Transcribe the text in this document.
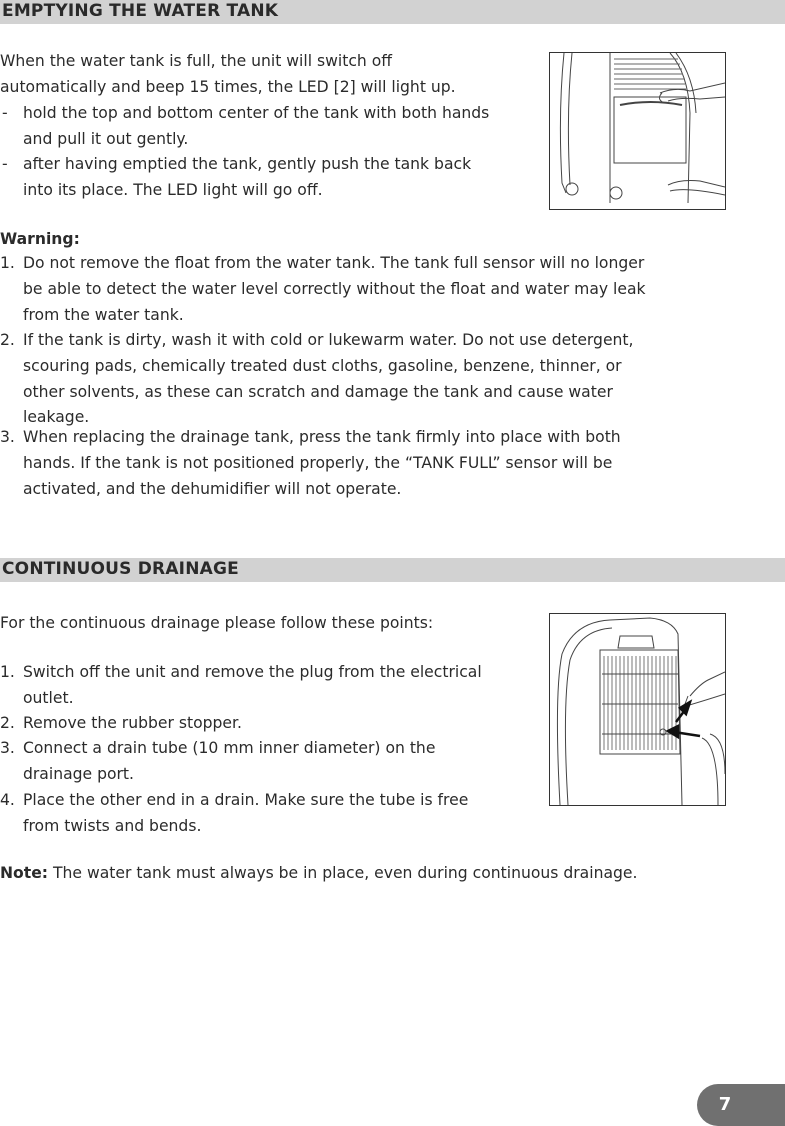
EMPTYING THE WATER TANK
When the water tank is full, the unit will switch off
automatically and beep 15 times, the LED [2] will light up.
- hold the top and bottom center of the tank with both hands
and pull it out gently.
- after having emptied the tank, gently push the tank back
into its place. The LED light will go off.
Warning:
1. Do not remove the float from the water tank. The tank full sensor will no longer
be able to detect the water level correctly without the float and water may leak
from the water tank.
2. If the tank is dirty, wash it with cold or lukewarm water. Do not use detergent,
scouring pads, chemically treated dust cloths, gasoline, benzene, thinner, or
other solvents, as these can scratch and damage the tank and cause water
leakage.
3. When replacing the drainage tank, press the tank firmly into place with both
hands. If the tank is not positioned properly, the “TANK FULL” sensor will be
activated, and the dehumidifier will not operate.
CONTINUOUS DRAINAGE
For the continuous drainage please follow these points:
1. Switch off the unit and remove the plug from the electrical
outlet.
2. Remove the rubber stopper.
3. Connect a drain tube (10 mm inner diameter) on the
drainage port.
4. Place the other end in a drain. Make sure the tube is free
from twists and bends.
Note: The water tank must always be in place, even during continuous drainage.
7
